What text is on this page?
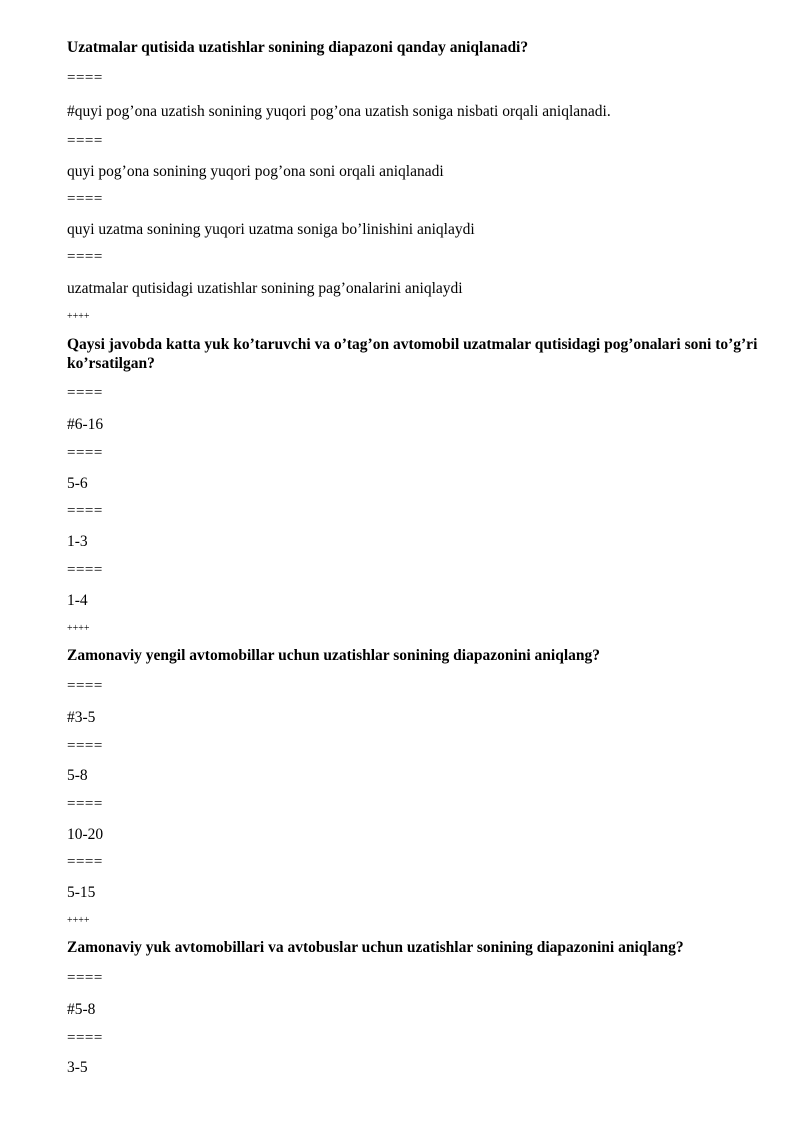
Uzatmalar qutisida uzatishlar sonining diapazoni qanday aniqlanadi?
====
#quyi pog’ona uzatish sonining yuqori pog’ona uzatish soniga nisbati orqali aniqlanadi.
====
quyi pog’ona sonining yuqori pog’ona soni orqali aniqlanadi
====
quyi uzatma sonining yuqori uzatma soniga bo’linishini aniqlaydi
====
uzatmalar qutisidagi uzatishlar sonining pag’onalarini aniqlaydi
++++
Qaysi javobda katta yuk ko’taruvchi va o’tag’on avtomobil uzatmalar qutisidagi pog’onalari soni to’g’ri ko’rsatilgan?
====
#6-16
====
5-6
====
1-3
====
1-4
++++
Zamonaviy yengil avtomobillar uchun uzatishlar sonining diapazonini aniqlang?
====
#3-5
====
5-8
====
10-20
====
5-15
++++
Zamonaviy yuk avtomobillari va avtobuslar uchun uzatishlar sonining diapazonini aniqlang?
====
#5-8
====
3-5
